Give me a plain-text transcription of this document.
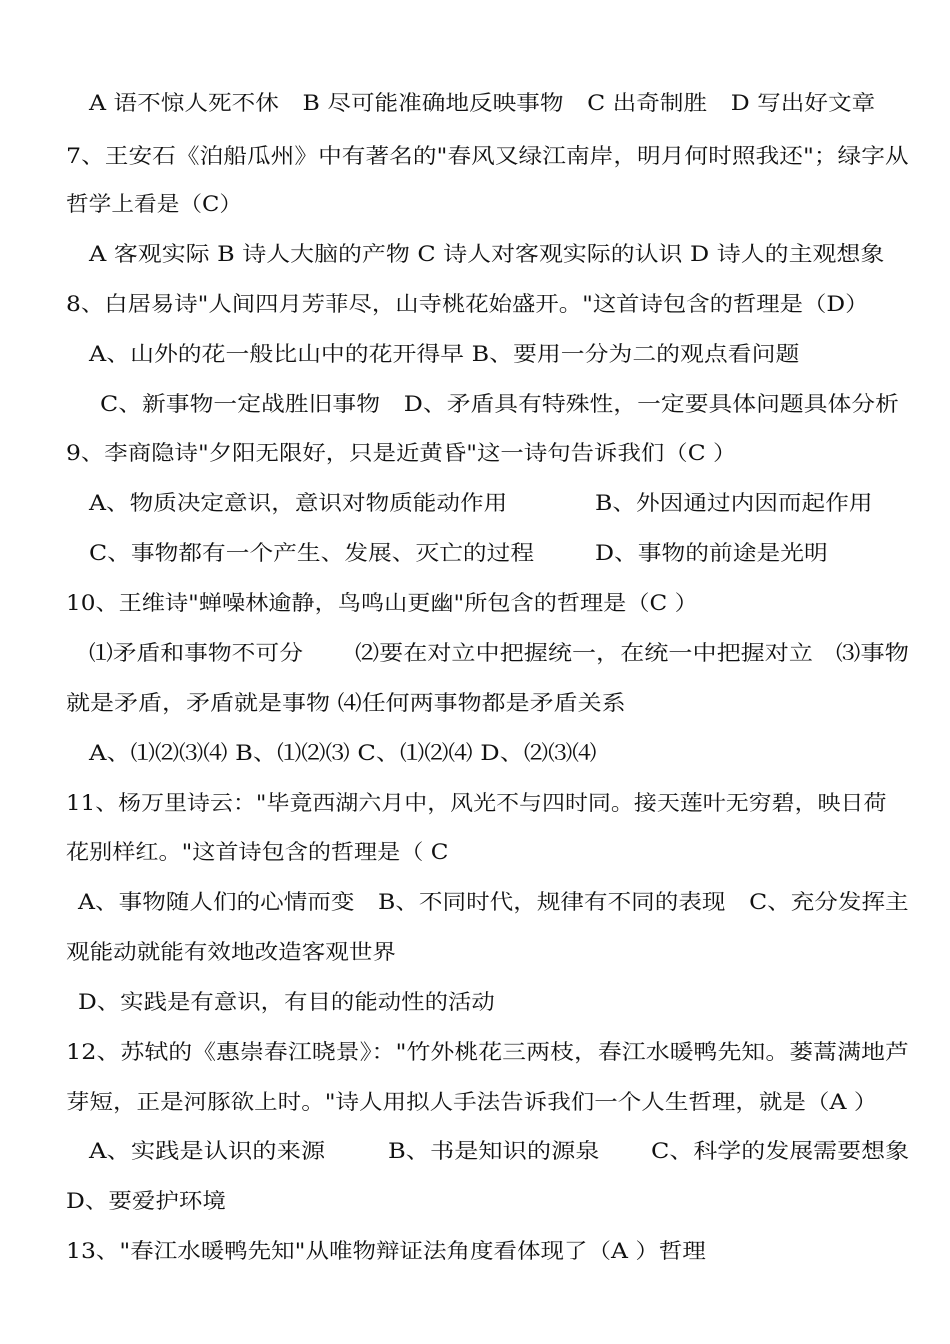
A 语不惊人死不休　B 尽可能准确地反映事物　C 出奇制胜　D 写出好文章
7、王安石《泊船瓜州》中有著名的"春风又绿江南岸，明月何时照我还"；绿字从
哲学上看是（C）
A 客观实际 B 诗人大脑的产物 C 诗人对客观实际的认识 D 诗人的主观想象
8、白居易诗"人间四月芳菲尽，山寺桃花始盛开。"这首诗包含的哲理是（D）
A、山外的花一般比山中的花开得早 B、要用一分为二的观点看问题
C、新事物一定战胜旧事物　D、矛盾具有特殊性，一定要具体问题具体分析
9、李商隐诗"夕阳无限好，只是近黄昏"这一诗句告诉我们（C ）
A、物质决定意识，意识对物质能动作用	B、外因通过内因而起作用
C、事物都有一个产生、发展、灭亡的过程	D、事物的前途是光明
10、王维诗"蝉噪林逾静，鸟鸣山更幽"所包含的哲理是（C ）
⑴矛盾和事物不可分 ⑵要在对立中把握统一，在统一中把握对立 ⑶事物
就是矛盾，矛盾就是事物 ⑷任何两事物都是矛盾关系
A、⑴⑵⑶⑷ B、⑴⑵⑶ C、⑴⑵⑷ D、⑵⑶⑷
11、杨万里诗云："毕竟西湖六月中，风光不与四时同。接天莲叶无穷碧，映日荷
花别样红。"这首诗包含的哲理是（ C
A、事物随人们的心情而变　B、不同时代，规律有不同的表现　C、充分发挥主
观能动就能有效地改造客观世界
D、实践是有意识，有目的能动性的活动
12、苏轼的《惠崇春江晓景》："竹外桃花三两枝，春江水暖鸭先知。蒌蒿满地芦
芽短，正是河豚欲上时。"诗人用拟人手法告诉我们一个人生哲理，就是（A ）
A、实践是认识的来源	B、书是知识的源泉 C、科学的发展需要想象
D、要爱护环境
13、"春江水暖鸭先知"从唯物辩证法角度看体现了（A ）哲理
